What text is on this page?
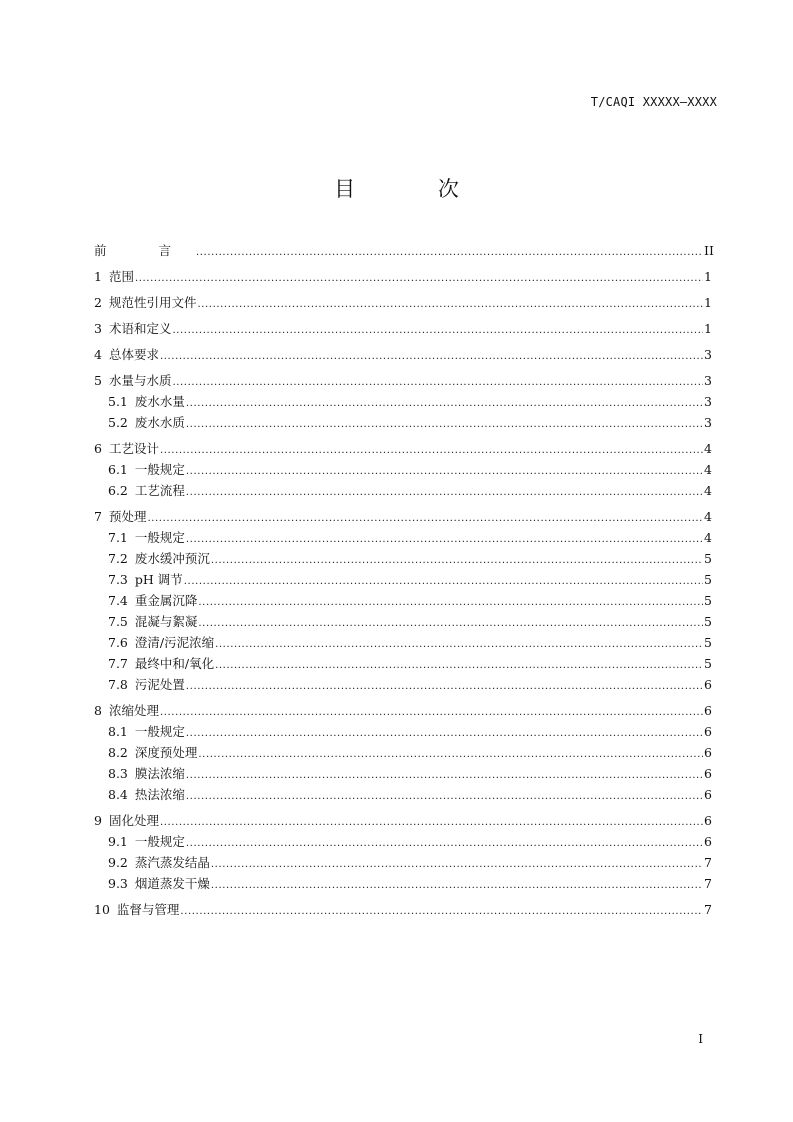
T/CAQI XXXXX—XXXX
目 次
前 言 .....	II
1 范围 .....	1
2 规范性引用文件 .....	1
3 术语和定义 .....	1
4 总体要求 .....	3
5 水量与水质 .....	3
5.1 废水水量 .....	3
5.2 废水水质 .....	3
6 工艺设计 .....	4
6.1 一般规定 .....	4
6.2 工艺流程 .....	4
7 预处理 .....	4
7.1 一般规定 .....	4
7.2 废水缓冲预沉 .....	5
7.3 pH 调节 .....	5
7.4 重金属沉降 .....	5
7.5 混凝与絮凝 .....	5
7.6 澄清/污泥浓缩 .....	5
7.7 最终中和/氧化 .....	5
7.8 污泥处置 .....	6
8 浓缩处理 .....	6
8.1 一般规定 .....	6
8.2 深度预处理 .....	6
8.3 膜法浓缩 .....	6
8.4 热法浓缩 .....	6
9 固化处理 .....	6
9.1 一般规定 .....	6
9.2 蒸汽蒸发结晶 .....	7
9.3 烟道蒸发干燥 .....	7
10 监督与管理 .....	7
I
